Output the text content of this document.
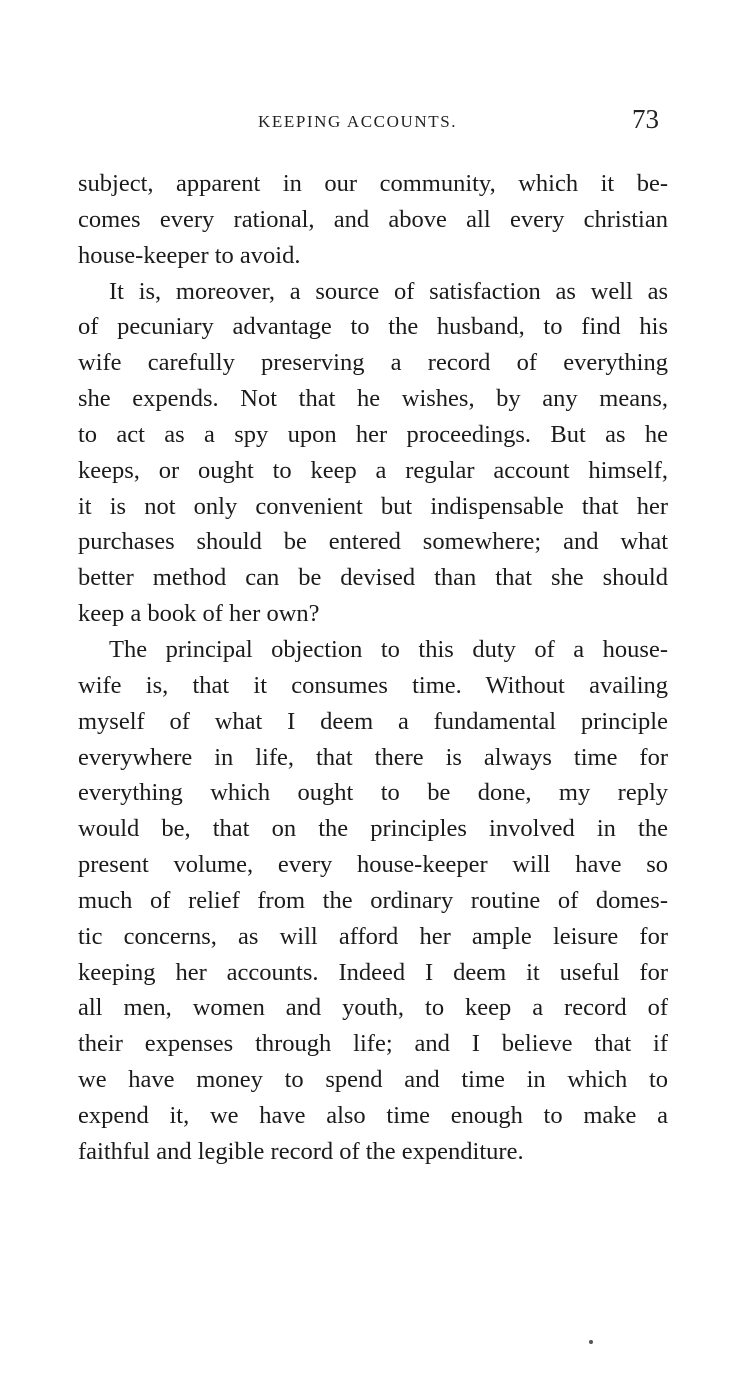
KEEPING ACCOUNTS.	73
subject, apparent in our community, which it be-
comes every rational, and above all every christian
house-keeper to avoid.
It is, moreover, a source of satisfaction as well as
of pecuniary advantage to the husband, to find his
wife carefully preserving a record of everything
she expends. Not that he wishes, by any means,
to act as a spy upon her proceedings. But as he
keeps, or ought to keep a regular account himself,
it is not only convenient but indispensable that her
purchases should be entered somewhere; and what
better method can be devised than that she should
keep a book of her own?
The principal objection to this duty of a house-
wife is, that it consumes time. Without availing
myself of what I deem a fundamental principle
everywhere in life, that there is always time for
everything which ought to be done, my reply
would be, that on the principles involved in the
present volume, every house-keeper will have so
much of relief from the ordinary routine of domes-
tic concerns, as will afford her ample leisure for
keeping her accounts. Indeed I deem it useful for
all men, women and youth, to keep a record of
their expenses through life; and I believe that if
we have money to spend and time in which to
expend it, we have also time enough to make a
faithful and legible record of the expenditure.
